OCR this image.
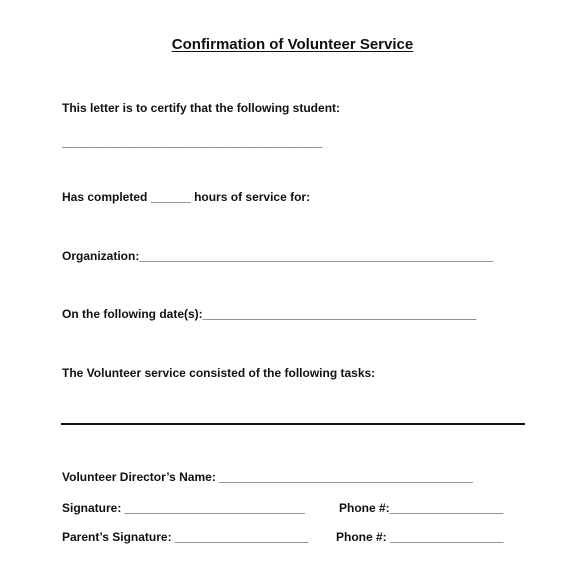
Confirmation of Volunteer Service
This letter is to certify that the following student:
_______________________________________
Has completed ______ hours of service for:
Organization:_____________________________________________________
On the following date(s):_________________________________________
The Volunteer service consisted of the following tasks:
Volunteer Director’s Name: ______________________________________
Signature: ___________________________	Phone #:_________________
Parent’s Signature: ____________________ Phone #: _________________
